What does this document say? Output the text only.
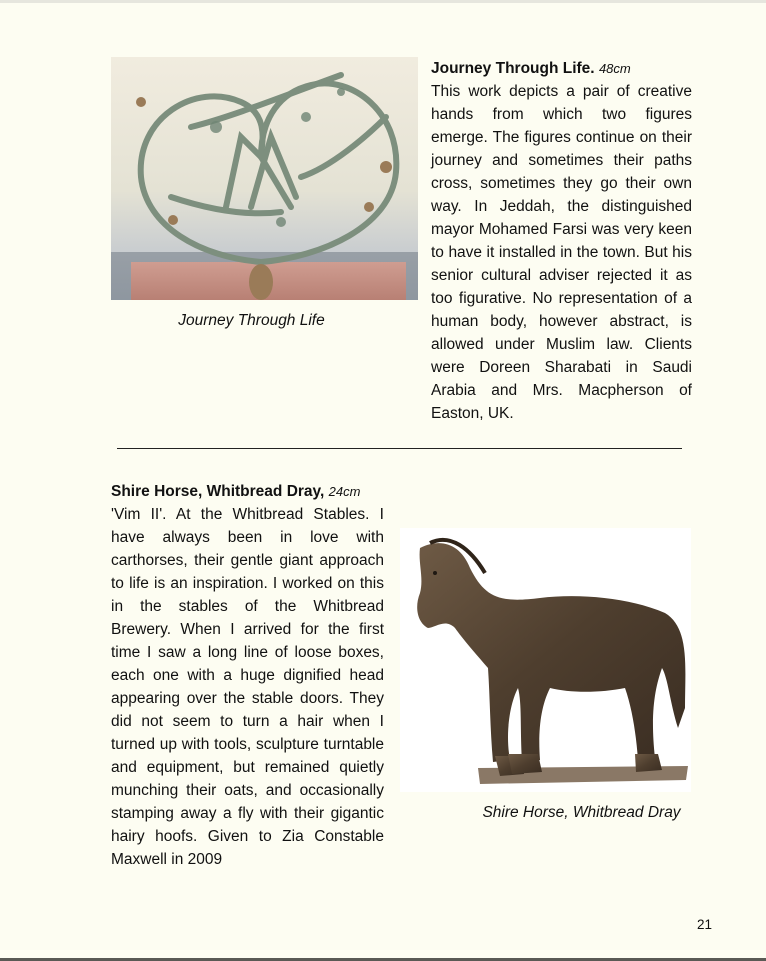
Journey Through Life
Journey Through Life. 48cm
This work depicts a pair of creative hands from which two figures emerge. The figures continue on their journey and sometimes their paths cross, sometimes they go their own way. In Jeddah, the distinguished mayor Mohamed Farsi was very keen to have it installed in the town. But his senior cultural adviser rejected it as too figurative. No representation of a human body, however abstract, is allowed under Muslim law. Clients were Doreen Sharabati in Saudi Arabia and Mrs. Macpherson of Easton, UK.
Shire Horse, Whitbread Dray, 24cm
'Vim II'. At the Whitbread Stables. I have always been in love with carthorses, their gentle giant approach to life is an inspiration. I worked on this in the stables of the Whitbread Brewery. When I arrived for the first time I saw a long line of loose boxes, each one with a huge dignified head appearing over the stable doors. They did not seem to turn a hair when I turned up with tools, sculpture turntable and equipment, but remained quietly munching their oats, and occasionally stamping away a fly with their gigantic hairy hoofs. Given to Zia Constable Maxwell in 2009
Shire Horse, Whitbread Dray
21
